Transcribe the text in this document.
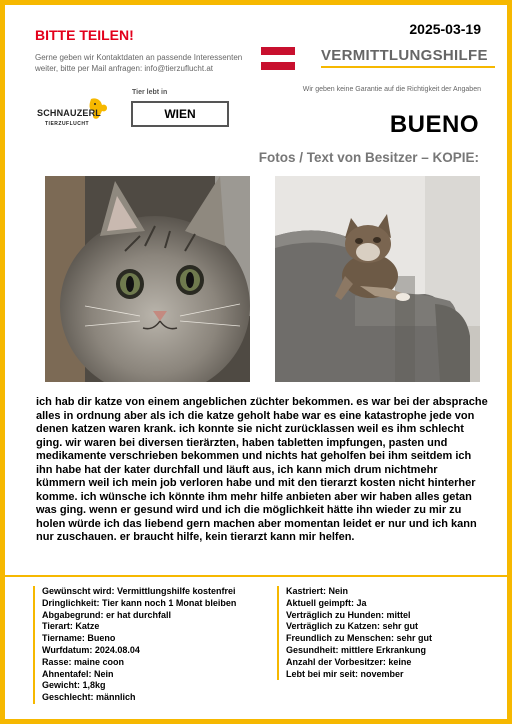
BITTE TEILEN!	2025-03-19
Gerne geben wir Kontaktdaten an passende Interessenten weiter, bitte per Mail anfragen: info@tierzuflucht.at
VERMITTLUNGSHILFE
Wir geben keine Garantie auf die Richtigkeit der Angaben
SCHNAUZERL
TIERZUFLUCHT
Tier lebt in
WIEN	BUENO
Fotos / Text von Besitzer – KOPIE:
ich hab dir katze von einem angeblichen züchter bekommen. es war bei der absprache alles in ordnung aber als ich die katze geholt habe war es eine katastrophe jede von denen katzen waren krank. ich konnte sie nicht zurücklassen weil es ihm schlecht ging. wir waren bei diversen tierärzten, haben tabletten impfungen, pasten und medikamente verschrieben bekommen und nichts hat geholfen bei ihm seitdem ich ihn habe hat der kater durchfall und läuft aus, ich kann mich drum nichtmehr kümmern weil ich mein job verloren habe und mit den tierarzt kosten nicht hinterher komme. ich wünsche ich könnte ihm mehr hilfe anbieten aber wir haben alles getan was ging. wenn er gesund wird und ich die möglichkeit hätte ihn wieder zu mir zu holen würde ich das liebend gern machen aber momentan leidet er nur und ich kann nur zuschauen. er braucht hilfe, kein tierarzt kann mir helfen.
Gewünscht wird: Vermittlungshilfe kostenfrei
Dringlichkeit: Tier kann noch 1 Monat bleiben
Abgabegrund: er hat durchfall
Tierart: Katze
Tiername: Bueno
Wurfdatum: 2024.08.04
Rasse: maine coon
Ahnentafel: Nein
Gewicht: 1,8kg
Geschlecht: männlich
Kastriert: Nein
Aktuell geimpft: Ja
Verträglich zu Hunden: mittel
Verträglich zu Katzen: sehr gut
Freundlich zu Menschen: sehr gut
Gesundheit: mittlere Erkrankung
Anzahl der Vorbesitzer: keine
Lebt bei mir seit: november
